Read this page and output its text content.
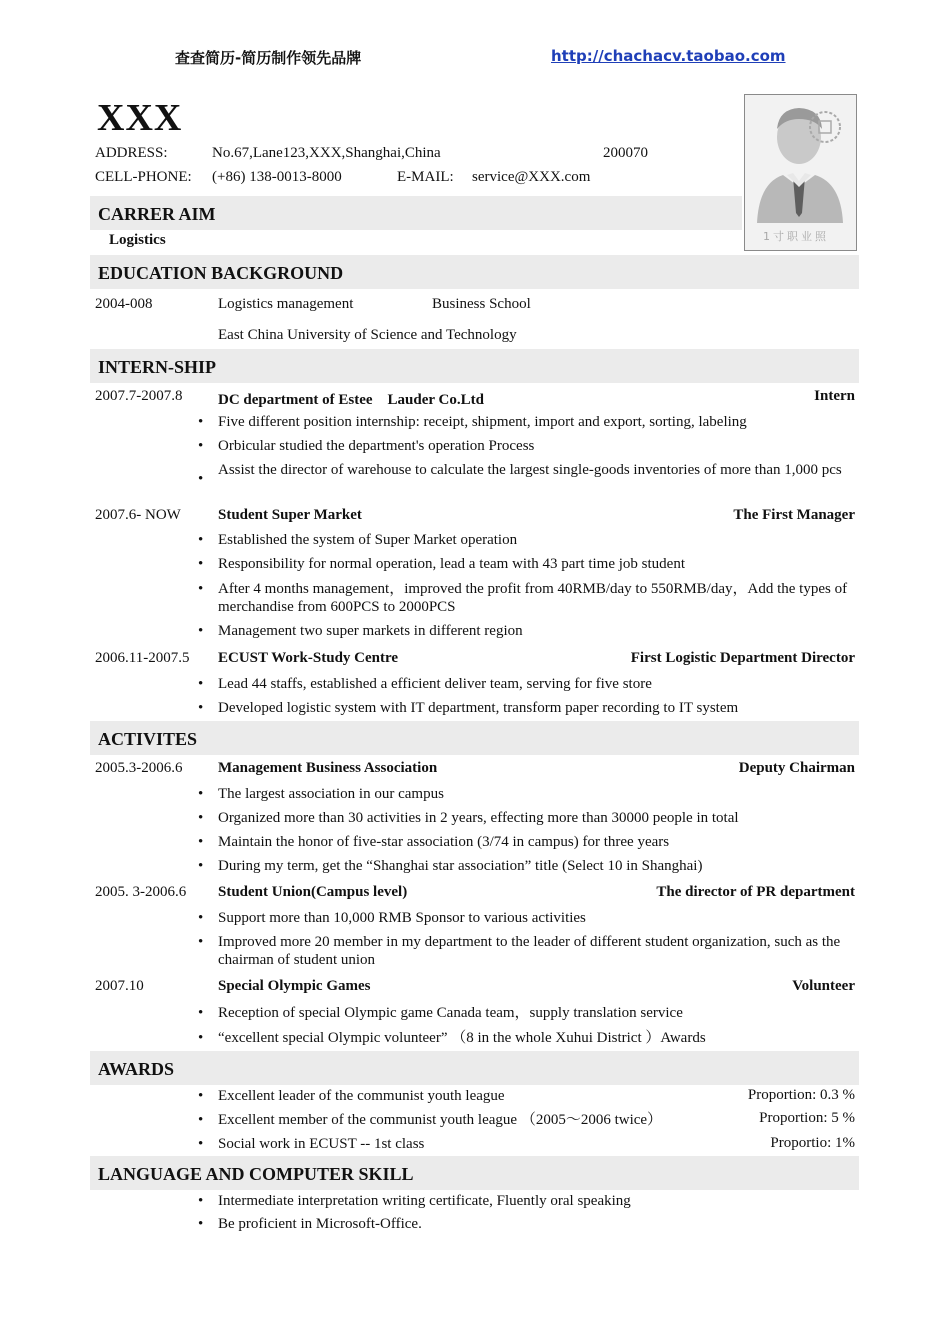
查查简历-简历制作领先品牌	http://chachacv.taobao.com
XXX
ADDRESS:	No.67,Lane123,XXX,Shanghai,China	200070
CELL-PHONE: (+86) 138-0013-8000	E-MAIL: service@XXX.com
1寸职业照
CARRER AIM
Logistics
EDUCATION BACKGROUND
2004-008	Logistics management	Business School
East China University of Science and Technology
INTERN-SHIP
2007.7-2007.8 DC department of Estee　Lauder Co.Ltd	Intern
• Five different position internship: receipt, shipment, import and export, sorting, labeling
• Orbicular studied the department's operation Process
•
Assist the director of warehouse to calculate the largest single-goods inventories of more than 1,000 pcs
2007.6- NOW Student Super Market	The First Manager
• Established the system of Super Market operation
• Responsibility for normal operation, lead a team with 43 part time job student
• After 4 months management，improved the profit from 40RMB/day to 550RMB/day，Add the types of merchandise from 600PCS to 2000PCS
• Management two super markets in different region
2006.11-2007.5 ECUST Work-Study Centre	First Logistic Department Director
• Lead 44 staffs, established a efficient deliver team, serving for five store
• Developed logistic system with IT department, transform paper recording to IT system
ACTIVITES
2005.3-2006.6 Management Business Association	Deputy Chairman
• The largest association in our campus
• Organized more than 30 activities in 2 years, effecting more than 30000 people in total
• Maintain the honor of five-star association (3/74 in campus) for three years
• During my term, get the “Shanghai star association” title (Select 10 in Shanghai)
2005. 3-2006.6 Student Union(Campus level)	The director of PR department
• Support more than 10,000 RMB Sponsor to various activities
• Improved more 20 member in my department to the leader of different student organization, such as the chairman of student union
2007.10	Special Olympic Games	Volunteer
• Reception of special Olympic game Canada team，supply translation service
• “excellent special Olympic volunteer” （8 in the whole Xuhui District ）Awards
AWARDS
• Excellent leader of the communist youth league	Proportion: 0.3 %
• Excellent member of the communist youth league （2005～2006 twice）	Proportion: 5 %
• Social work in ECUST -- 1st class	Proportio: 1%
LANGUAGE AND COMPUTER SKILL
• Intermediate interpretation writing certificate, Fluently oral speaking
• Be proficient in Microsoft-Office.
